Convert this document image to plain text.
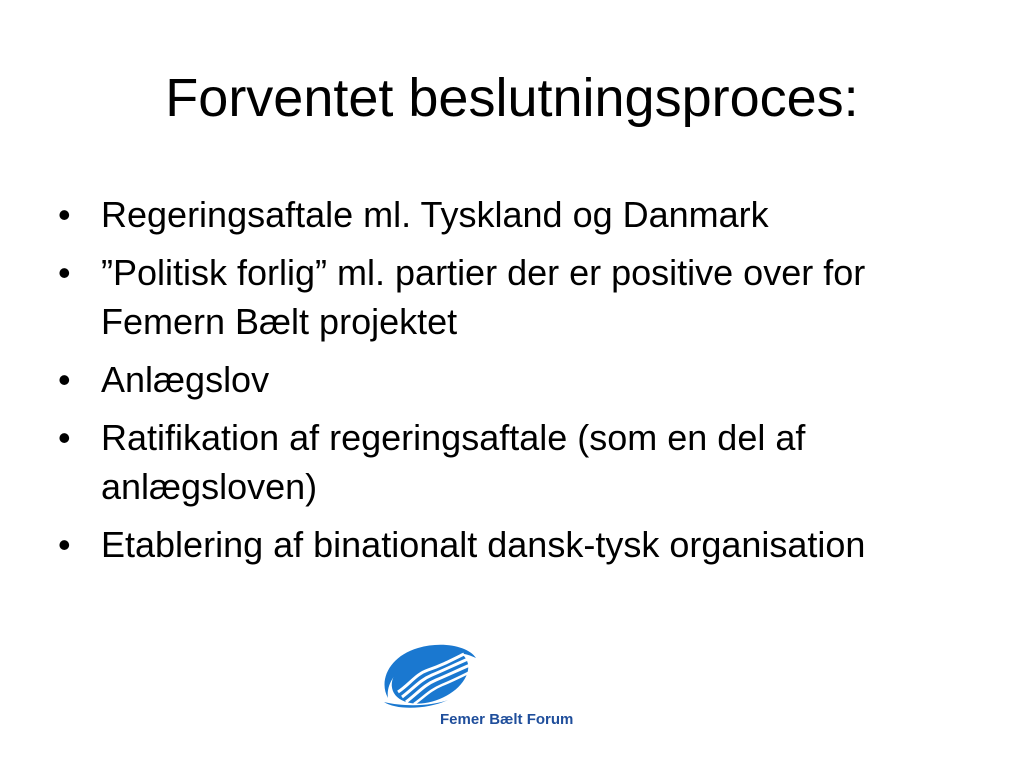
Forventet beslutningsproces:
• Regeringsaftale ml. Tyskland og Danmark
• ”Politisk forlig” ml. partier der er positive over for Femern Bælt projektet
• Anlægslov
• Ratifikation af regeringsaftale (som en del af anlægsloven)
• Etablering af binationalt dansk-tysk organisation
Femer Bælt Forum
